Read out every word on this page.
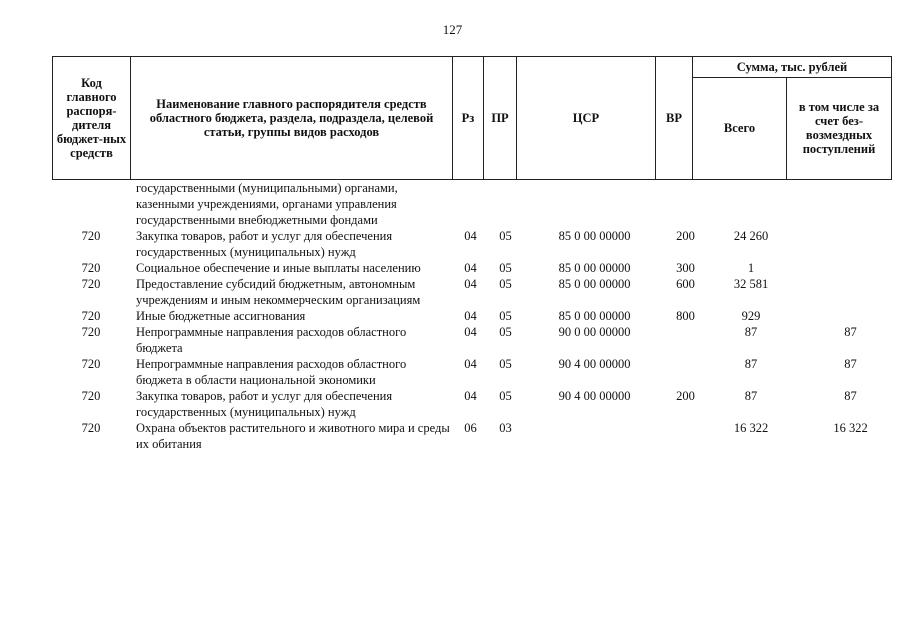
127
Код главного распоря-дителя бюджет-ных средств	Наименование главного распорядителя средств областного бюджета, раздела, подраздела, целевой статьи, группы видов расходов	Рз	ПР	ЦСР	ВР	Сумма, тыс. рублей	
						Всего	в том числе за счет без-возмездных поступлений
	государственными (муниципальными) органами, казенными учреждениями, органами управления государственными внебюджетными фондами						
720	Закупка товаров, работ и услуг для обеспечения государственных (муниципальных) нужд	04	05	85 0 00 00000	200	24 260	
720	Социальное обеспечение и иные выплаты населению	04	05	85 0 00 00000	300	1	
720	Предоставление субсидий бюджетным, автономным учреждениям и иным некоммерческим организациям	04	05	85 0 00 00000	600	32 581	
720	Иные бюджетные ассигнования	04	05	85 0 00 00000	800	929	
720	Непрограммные направления расходов областного бюджета	04	05	90 0 00 00000		87	87
720	Непрограммные направления расходов областного бюджета в области национальной экономики	04	05	90 4 00 00000		87	87
720	Закупка товаров, работ и услуг для обеспечения государственных (муниципальных) нужд	04	05	90 4 00 00000	200	87	87
720	Охрана объектов растительного и животного мира и среды их обитания	06	03			16 322	16 322
